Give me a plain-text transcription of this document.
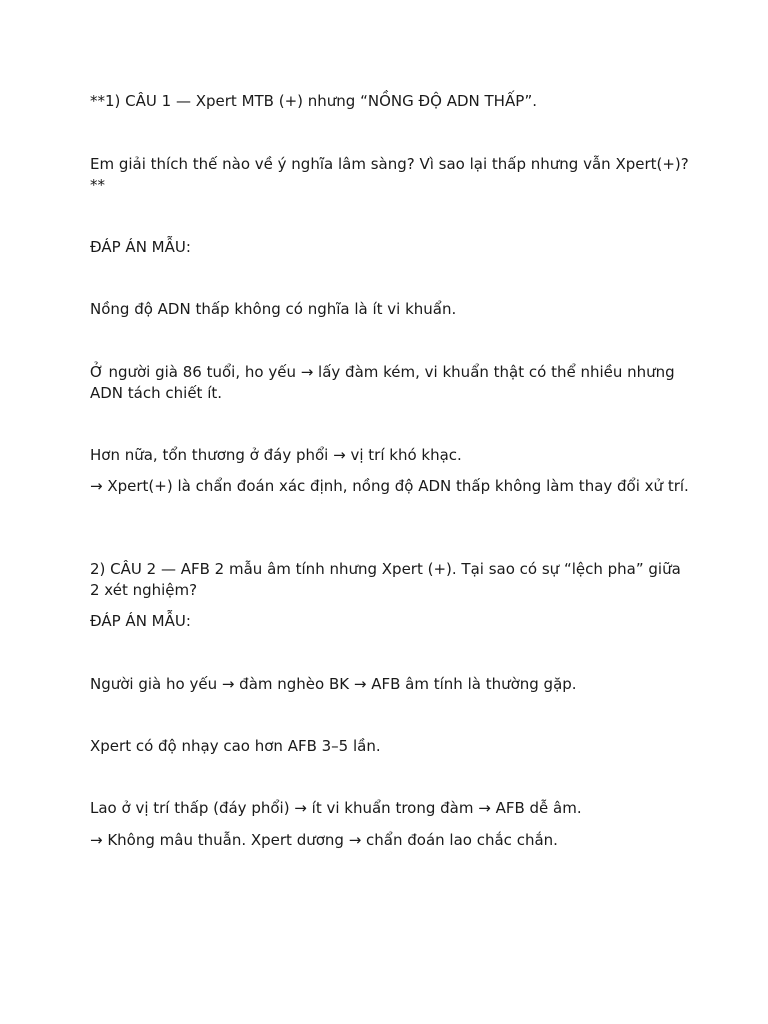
**1) CÂU 1 — Xpert MTB (+) nhưng “NỒNG ĐỘ ADN THẤP”.

Em giải thích thế nào về ý nghĩa lâm sàng? Vì sao lại thấp nhưng vẫn Xpert(+)?**

ĐÁP ÁN MẪU:

Nồng độ ADN thấp không có nghĩa là ít vi khuẩn.

Ở người già 86 tuổi, ho yếu → lấy đàm kém, vi khuẩn thật có thể nhiều nhưng ADN tách chiết ít.

Hơn nữa, tổn thương ở đáy phổi → vị trí khó khạc.

→ Xpert(+) là chẩn đoán xác định, nồng độ ADN thấp không làm thay đổi xử trí.

2) CÂU 2 — AFB 2 mẫu âm tính nhưng Xpert (+). Tại sao có sự “lệch pha” giữa 2 xét nghiệm?

ĐÁP ÁN MẪU:

Người già ho yếu → đàm nghèo BK → AFB âm tính là thường gặp.

Xpert có độ nhạy cao hơn AFB 3–5 lần.

Lao ở vị trí thấp (đáy phổi) → ít vi khuẩn trong đàm → AFB dễ âm.

→ Không mâu thuẫn. Xpert dương → chẩn đoán lao chắc chắn.
